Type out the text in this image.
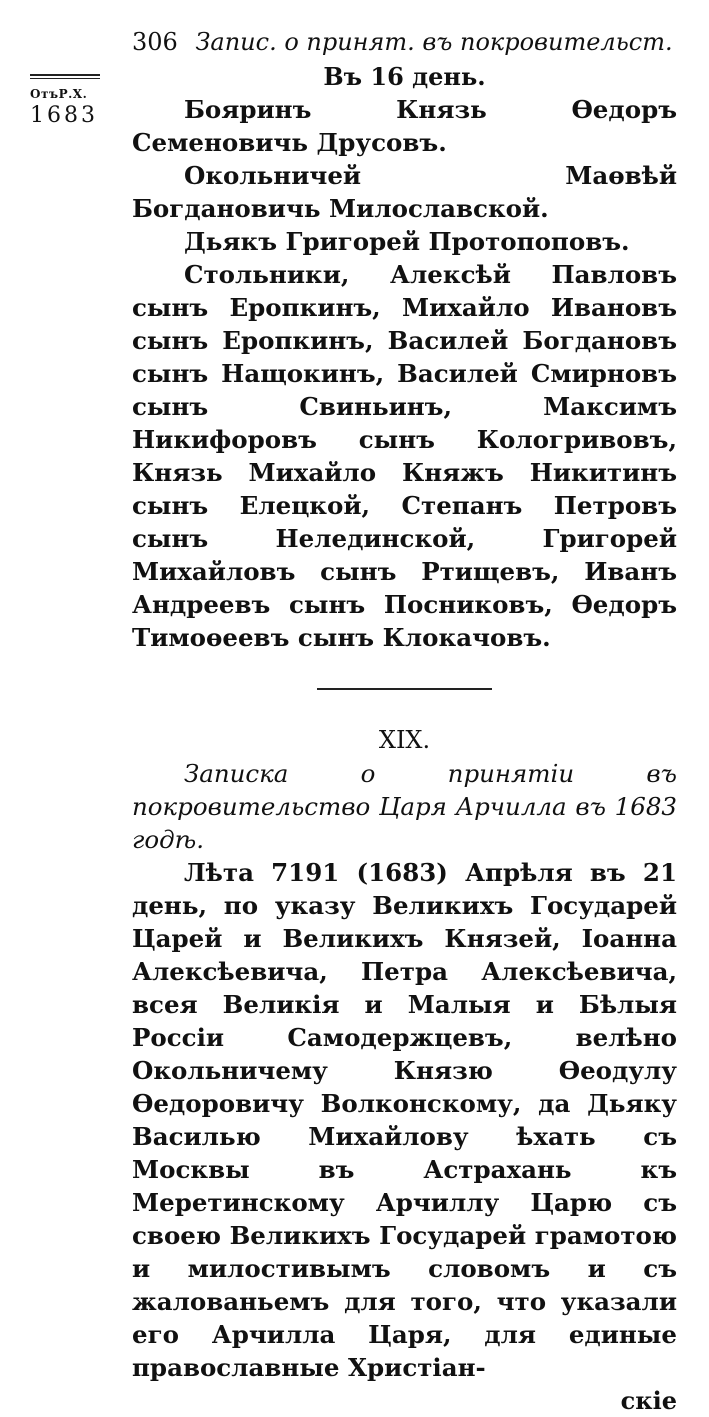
306 Запис. о принят. въ покровительст.
ОтъР.Х.
1683

Въ 16 день.

Бояринъ Князь Өедоръ Семеновичь Друсовъ.

Окольничей Маөвѣй Богдановичь Милославской.

Дьякъ Григорей Протопоповъ.

Стольники, Алексѣй Павловъ сынъ Еропкинъ, Михайло Ивановъ сынъ Еропкинъ, Василей Богдановъ сынъ Нащокинъ, Василей Смирновъ сынъ Свиньинъ, Максимъ Никифоровъ сынъ Кологривовъ, Князь Михайло Княжъ Никитинъ сынъ Елецкой, Степанъ Петровъ сынъ Нелединской, Григорей Михайловъ сынъ Ртищевъ, Иванъ Андреевъ сынъ Посниковъ, Өедоръ Тимоөеевъ сынъ Клокачовъ.

XIX.

Записка о принятіи въ покровительство Царя Арчилла въ 1683 годѣ.

Лѣта 7191 (1683) Апрѣля въ 21 день, по указу Великихъ Государей Царей и Великихъ Князей, Іоанна Алексѣевича, Петра Алексѣевича, всея Великія и Малыя и Бѣлыя Россіи Самодержцевъ, велѣно Окольничему Князю Өеодулу Өедоровичу Волконскому, да Дьяку Василью Михайлову ѣхать съ Москвы въ Астрахань къ Меретинскому Арчиллу Царю съ своею Великихъ Государей грамотою и милостивымъ словомъ и съ жалованьемъ для того, что указали его Арчилла Царя, для единые православные Христіан-

скіе
